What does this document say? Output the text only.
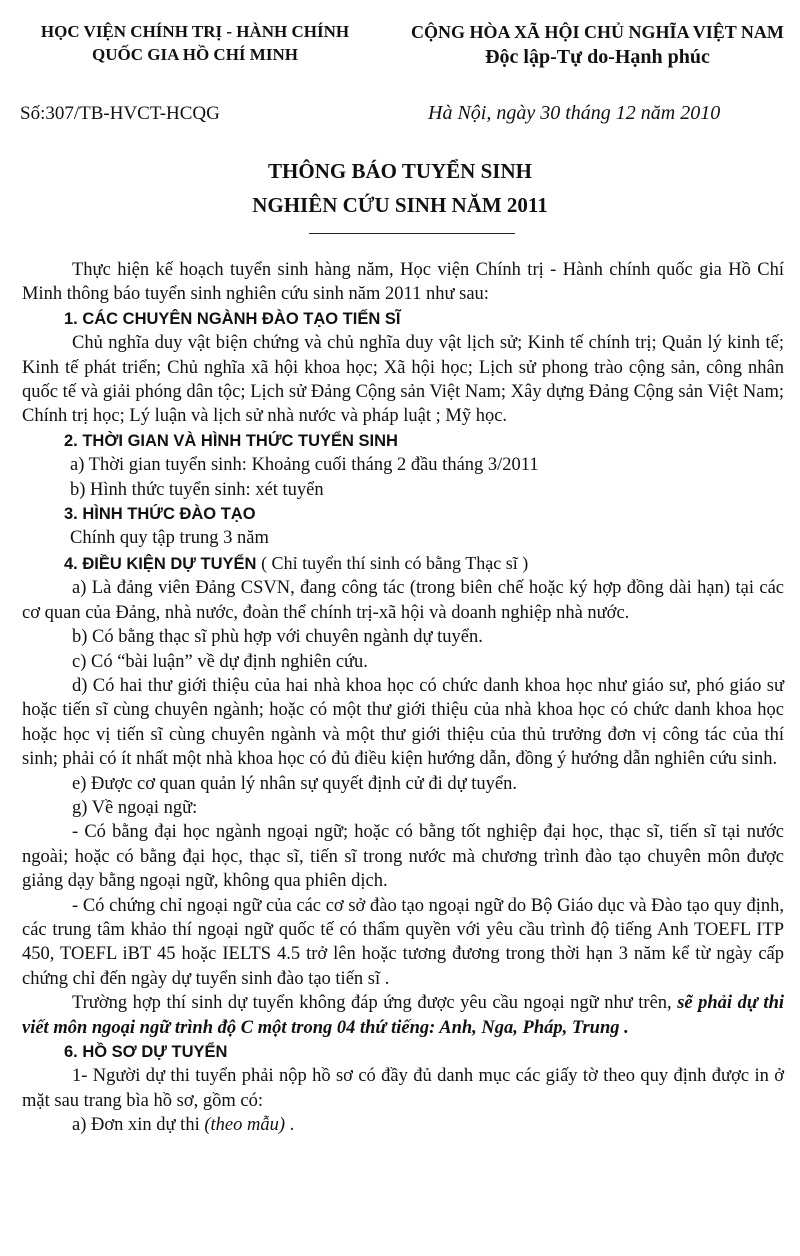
HỌC VIỆN CHÍNH TRỊ - HÀNH CHÍNH
QUỐC GIA HỒ CHÍ MINH
CỘNG HÒA XÃ HỘI CHỦ NGHĨA VIỆT NAM
Độc lập-Tự do-Hạnh phúc
Số:307/TB-HVCT-HCQG	Hà Nội, ngày 30 tháng 12 năm 2010
THÔNG BÁO TUYỂN SINH
NGHIÊN CỨU SINH NĂM 2011

Thực hiện kế hoạch tuyển sinh hàng năm, Học viện Chính trị - Hành chính quốc gia Hồ Chí Minh thông báo tuyển sinh nghiên cứu sinh năm 2011 như sau:

1. CÁC CHUYÊN NGÀNH ĐÀO TẠO TIẾN SĨ

Chủ nghĩa duy vật biện chứng và chủ nghĩa duy vật lịch sử; Kinh tế chính trị; Quản lý kinh tế; Kinh tế phát triển; Chủ nghĩa xã hội khoa học; Xã hội học; Lịch sử phong trào cộng sản, công nhân quốc tế và giải phóng dân tộc; Lịch sử Đảng Cộng sản Việt Nam; Xây dựng Đảng Cộng sản Việt Nam; Chính trị học; Lý luận và lịch sử nhà nước và pháp luật ; Mỹ học.

2. THỜI GIAN VÀ HÌNH THỨC TUYỂN SINH

a) Thời gian tuyển sinh: Khoảng cuối tháng 2 đầu tháng 3/2011

b) Hình thức tuyển sinh: xét tuyển

3. HÌNH THỨC ĐÀO TẠO

Chính quy tập trung 3 năm

4. ĐIỀU KIỆN DỰ TUYỂN ( Chỉ tuyển thí sinh có bằng Thạc sĩ )

a) Là đảng viên Đảng CSVN, đang công tác (trong biên chế hoặc ký hợp đồng dài hạn) tại các cơ quan của Đảng, nhà nước, đoàn thể chính trị-xã hội và doanh nghiệp nhà nước.

b) Có bằng thạc sĩ phù hợp với chuyên ngành dự tuyển.

c) Có “bài luận” về dự định nghiên cứu.

d) Có hai thư giới thiệu của hai nhà khoa học có chức danh khoa học như giáo sư, phó giáo sư hoặc tiến sĩ cùng chuyên ngành; hoặc có một thư giới thiệu của nhà khoa học có chức danh khoa học hoặc học vị tiến sĩ cùng chuyên ngành và một thư giới thiệu của thủ trưởng đơn vị công tác của thí sinh; phải có ít nhất một nhà khoa học có đủ điều kiện hướng dẫn, đồng ý hướng dẫn nghiên cứu sinh.

e) Được cơ quan quản lý nhân sự quyết định cử đi dự tuyển.

g) Về ngoại ngữ:

- Có bằng đại học ngành ngoại ngữ; hoặc có bằng tốt nghiệp đại học, thạc sĩ, tiến sĩ tại nước ngoài; hoặc có bằng đại học, thạc sĩ, tiến sĩ trong nước mà chương trình đào tạo chuyên môn được giảng dạy bằng ngoại ngữ, không qua phiên dịch.

- Có chứng chỉ ngoại ngữ của các cơ sở đào tạo ngoại ngữ do Bộ Giáo dục và Đào tạo quy định, các trung tâm khảo thí ngoại ngữ quốc tế có thẩm quyền với yêu cầu trình độ tiếng Anh TOEFL ITP 450, TOEFL iBT 45 hoặc IELTS 4.5 trở lên hoặc tương đương trong thời hạn 3 năm kể từ ngày cấp chứng chỉ đến ngày dự tuyển sinh đào tạo tiến sĩ .

Trường hợp thí sinh dự tuyển không đáp ứng được yêu cầu ngoại ngữ như trên, sẽ phải dự thi viết môn ngoại ngữ trình độ C một trong 04 thứ tiếng: Anh, Nga, Pháp, Trung .

6. HỒ SƠ DỰ TUYỂN

1- Người dự thi tuyển phải nộp hồ sơ có đầy đủ danh mục các giấy tờ theo quy định được in ở mặt sau trang bìa hồ sơ, gồm có:

a) Đơn xin dự thi (theo mẫu) .
